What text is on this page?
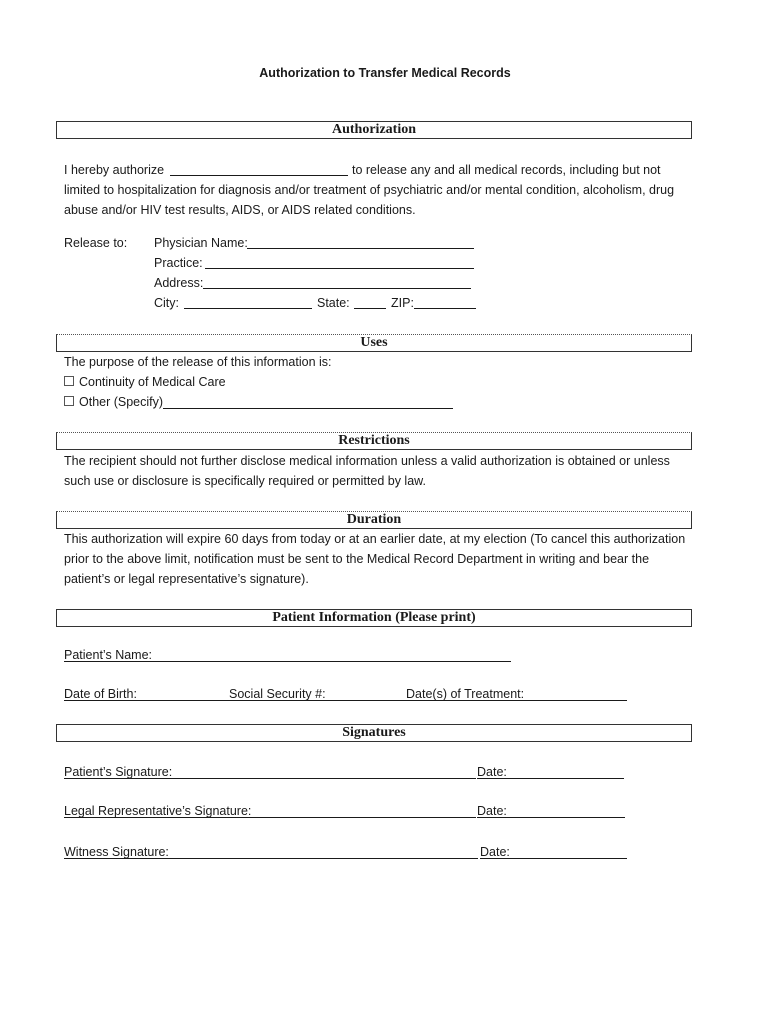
Authorization to Transfer Medical Records
Authorization
I hereby authorize	to release any and all medical records, including but not
limited to hospitalization for diagnosis and/or treatment of psychiatric and/or mental condition, alcoholism, drug
abuse and/or HIV test results, AIDS, or AIDS related conditions.
Release to: Physician Name:
Practice:
Address:
City:	State:	ZIP:
Uses
The purpose of the release of this information is:
Continuity of Medical Care
Other (Specify)
Restrictions
The recipient should not further disclose medical information unless a valid authorization is obtained or unless
such use or disclosure is specifically required or permitted by law.
Duration
This authorization will expire 60 days from today or at an earlier date, at my election (To cancel this authorization
prior to the above limit, notification must be sent to the Medical Record Department in writing and bear the
patient’s or legal representative’s signature).
Patient Information (Please print)
Patient’s Name:
Date of Birth:	Social Security #:	Date(s) of Treatment:
Signatures
Patient’s Signature:	Date:
Legal Representative’s Signature:	Date:
Witness Signature:	Date:
